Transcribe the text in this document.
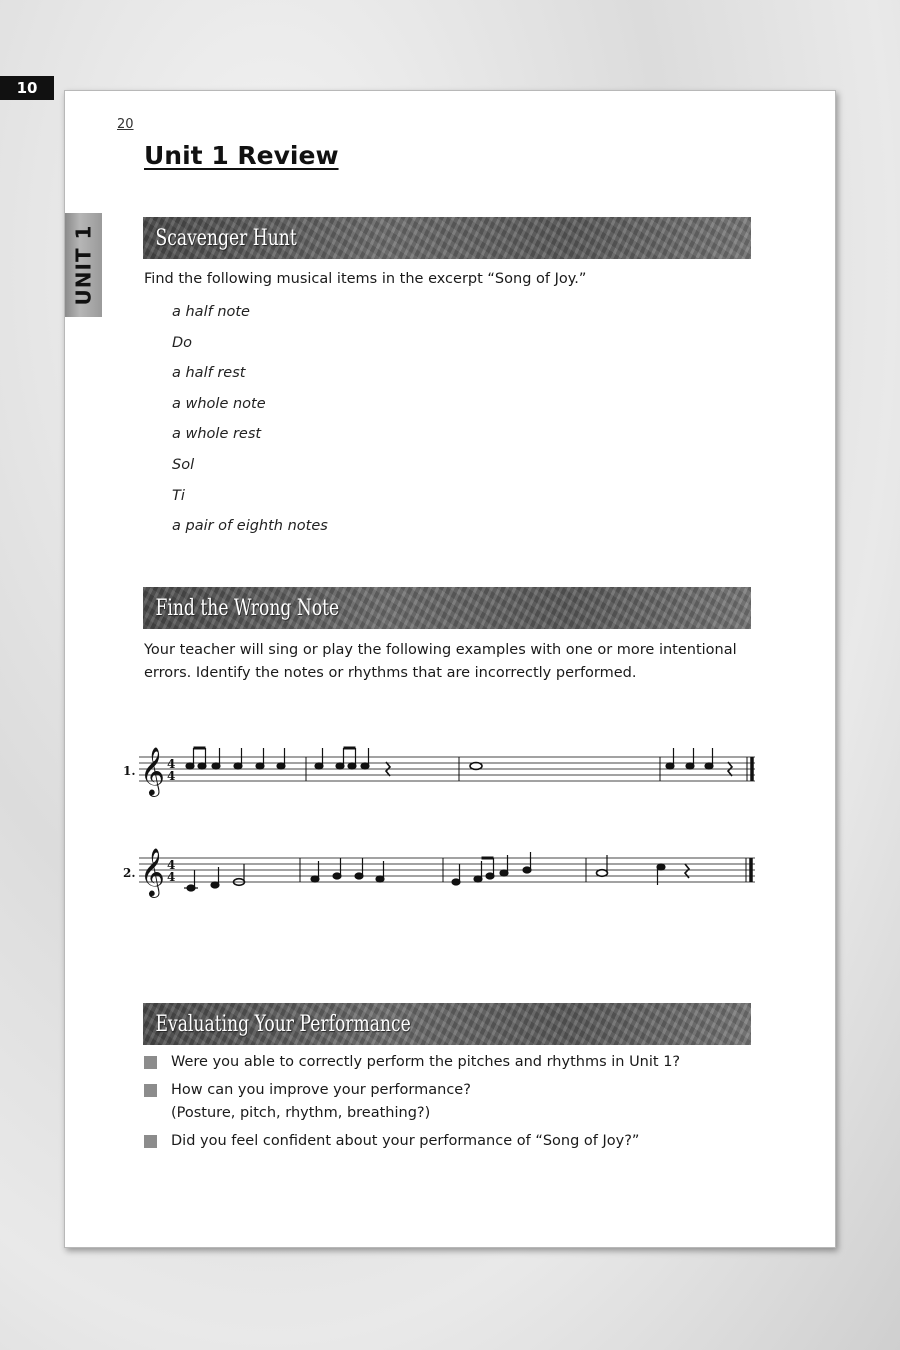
10
UNIT 1
20
Unit 1 Review
Scavenger Hunt
Find the following musical items in the excerpt “Song of Joy.”
a half note
Do
a half rest
a whole note
a whole rest
Sol
Ti
a pair of eighth notes
Find the Wrong Note
Your teacher will sing or play the following examples with one or more intentional errors. Identify the notes or rhythms that are incorrectly performed.
1. 𝄞 4
4
2. 𝄞 4
4
Evaluating Your Performance
Were you able to correctly perform the pitches and rhythms in Unit 1?
How can you improve your performance?
(Posture, pitch, rhythm, breathing?)
Did you feel confident about your performance of “Song of Joy?”
